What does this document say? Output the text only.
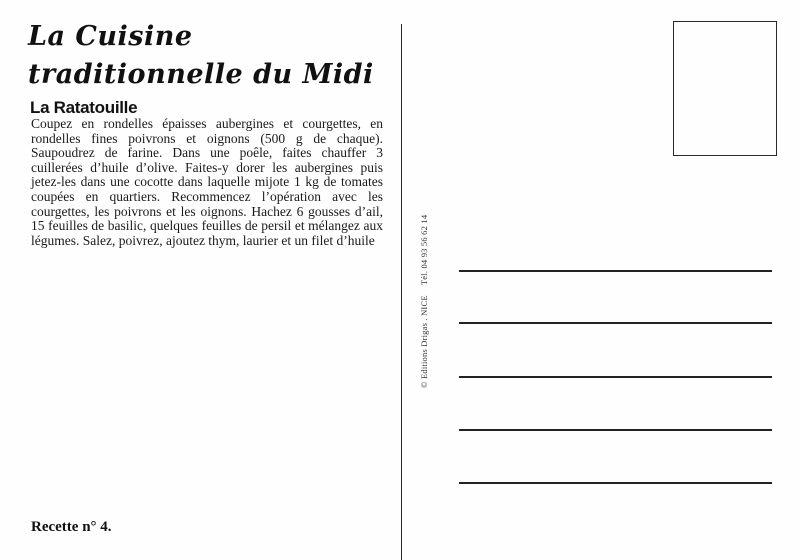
La Cuisine traditionnelle du Midi
La Ratatouille

Coupez en rondelles épaisses aubergines et courgettes, en rondelles fines poivrons et oignons (500 g de chaque). Saupoudrez de farine. Dans une poêle, faites chauffer 3 cuillerées d’huile d’olive. Faites-y dorer les aubergines puis jetez-les dans une cocotte dans laquelle mijote 1 kg de tomates coupées en quartiers. Recommencez l’opération avec les courgettes, les poivrons et les oignons. Hachez 6 gousses d’ail, 15 feuilles de basilic, quelques feuilles de persil et mélangez aux légumes. Salez, poivrez, ajoutez thym, laurier et un filet d’huile

Recette n° 4.

© Editions Drigas . NICE Tél. 04 93 56 62 14
